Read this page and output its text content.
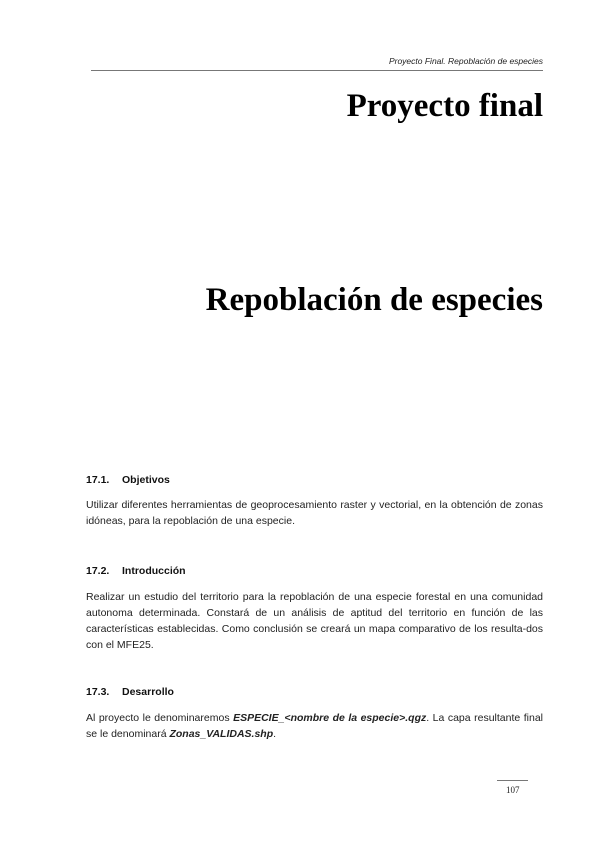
Proyecto Final. Repoblación de especies
Proyecto final
Repoblación de especies

17.1. Objetivos

Utilizar diferentes herramientas de geoprocesamiento raster y vectorial, en la obtención de zonas idóneas, para la repoblación de una especie.

17.2. Introducción

Realizar un estudio del territorio para la repoblación de una especie forestal en una comunidad autonoma determinada. Constará de un análisis de aptitud del territorio en función de las características establecidas. Como conclusión se creará un mapa comparativo de los resulta-dos con el MFE25.

17.3. Desarrollo

Al proyecto le denominaremos ESPECIE_<nombre de la especie>.qgz. La capa resultante final se le denominará Zonas_VALIDAS.shp.

107
